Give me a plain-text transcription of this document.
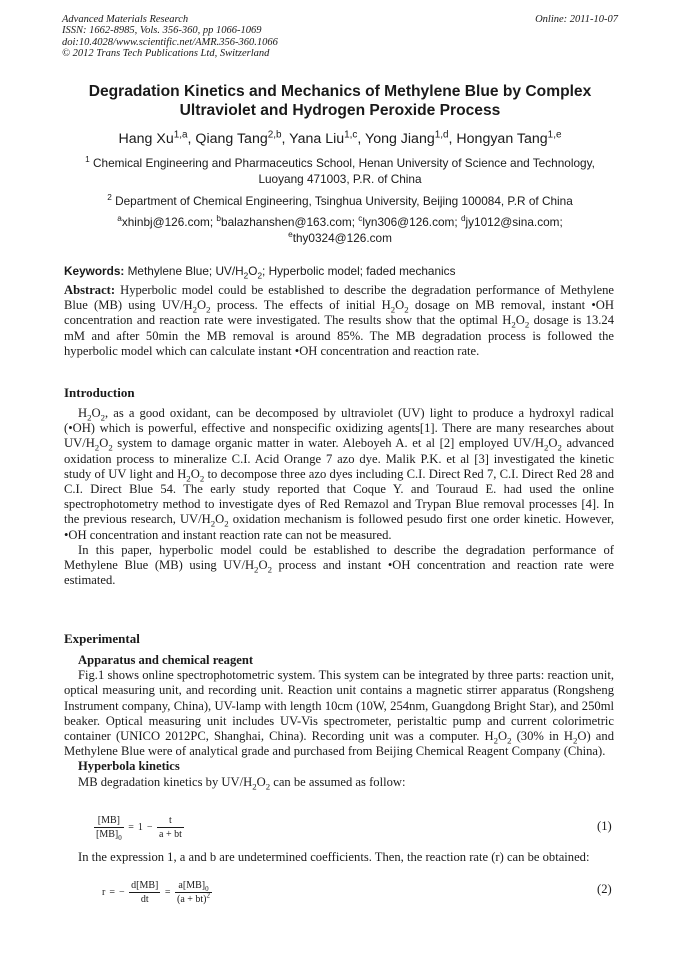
Advanced Materials Research	Online: 2011-10-07
ISSN: 1662-8985, Vols. 356-360, pp 1066-1069
doi:10.4028/www.scientific.net/AMR.356-360.1066
© 2012 Trans Tech Publications Ltd, Switzerland
Degradation Kinetics and Mechanics of Methylene Blue by Complex
Ultraviolet and Hydrogen Peroxide Process
Hang Xu$^{1,a}$, Qiang Tang$^{2,b}$, Yana Liu$^{1,c}$, Yong Jiang$^{1,d}$, Hongyan Tang$^{1,e}$
$^1$ Chemical Engineering and Pharmaceutics School, Henan University of Science and Technology,
Luoyang 471003, P.R. of China
$^2$ Department of Chemical Engineering, Tsinghua University, Beijing 100084, P.R of China
$^a$xhinbj@126.com; $^b$balazhanshen@163.com; $^c$lyn306@126.com; $^d$jy1012@sina.com;
$^e$thy0324@126.com
Keywords: Methylene Blue; $UV/H_2O_2$; Hyperbolic model; faded mechanics

Abstract: Hyperbolic model could be established to describe the degradation performance of Methylene Blue (MB) using $UV/H_2O_2$ process. The effects of initial $H_2O_2$ dosage on MB removal, instant •OH concentration and reaction rate were investigated. The results show that the optimal $H_2O_2$ dosage is 13.24 mM and after 50min the MB removal is around 85%. The MB degradation process is followed the hyperbolic model which can calculate instant •OH concentration and reaction rate.

Introduction

$H_2O_2$, as a good oxidant, can be decomposed by ultraviolet (UV) light to produce a hydroxyl radical (•OH) which is powerful, effective and nonspecific oxidizing agents[1]. There are many researches about $UV/H_2O_2$ system to damage organic matter in water. Aleboyeh A. et al [2] employed $UV/H_2O_2$ advanced oxidation process to mineralize C.I. Acid Orange 7 azo dye. Malik P.K. et al [3] investigated the kinetic study of UV light and $H_2O_2$ to decompose three azo dyes including C.I. Direct Red 7, C.I. Direct Red 28 and C.I. Direct Blue 54. The early study reported that Coque Y. and Touraud E. had used the online spectrophotometry method to investigate dyes of Red Remazol and Trypan Blue removal processes [4]. In the previous research, $UV/H_2O_2$ oxidation mechanism is followed pesudo first one order kinetic. However, •OH concentration and instant reaction rate can not be measured.

In this paper, hyperbolic model could be established to describe the degradation performance of Methylene Blue (MB) using $UV/H_2O_2$ process and instant •OH concentration and reaction rate were estimated.

Experimental

Apparatus and chemical reagent

Fig.1 shows online spectrophotometric system. This system can be integrated by three parts: reaction unit, optical measuring unit, and recording unit. Reaction unit contains a magnetic stirrer apparatus (Rongsheng Instrument company, China), UV-lamp with length 10cm (10W, 254nm, Guangdong Bright Star), and 250ml beaker. Optical measuring unit includes UV-Vis spectrometer, peristaltic pump and current colorimetric container (UNICO 2012PC, Shanghai, China). Recording unit was a computer. $H_2O_2$ (30% in $H_2O$) and Methylene Blue were of analytical grade and purchased from Beijing Chemical Reagent Company (China).

Hyperbola kinetics

MB degradation kinetics by $UV/H_2O_2$ can be assumed as follow:

$\frac{[MB]}{[MB]_0} = 1 - \frac{t}{a + bt}$	(1)

In the expression 1, a and b are undetermined coefficients. Then, the reaction rate (r) can be obtained:

r = − $\frac{d[MB]}{dt} = \frac{a[MB]_0}{(a + bt)^2}$	(2)
